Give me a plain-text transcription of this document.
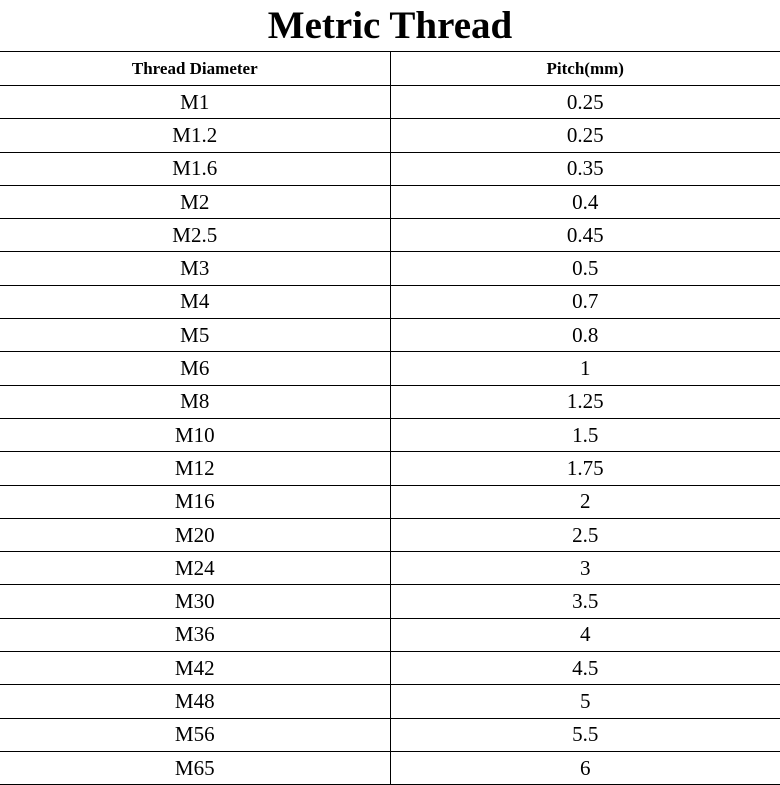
Metric Thread
Thread Diameter	Pitch(mm)
M1	0.25
M1.2	0.25
M1.6	0.35
M2	0.4
M2.5	0.45
M3	0.5
M4	0.7
M5	0.8
M6	1
M8	1.25
M10	1.5
M12	1.75
M16	2
M20	2.5
M24	3
M30	3.5
M36	4
M42	4.5
M48	5
M56	5.5
M65	6
